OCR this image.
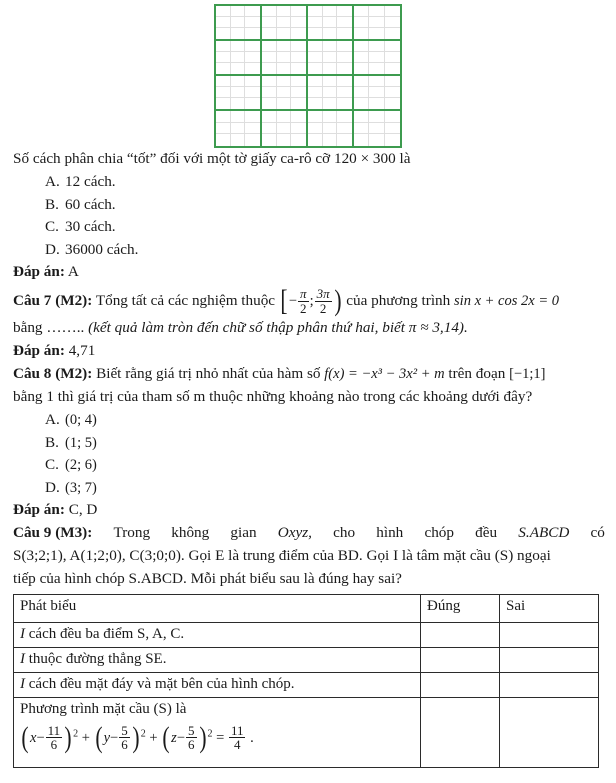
Số cách phân chia “tốt” đối với một tờ giấy ca-rô cỡ 120 × 300 là

A. 12 cách.

B. 60 cách.

C. 30 cách.

D. 36000 cách.

Đáp án: A

Câu 7 (M2): Tổng tất cả các nghiệm thuộc [− $\frac{\pi}{2}$ ; $\frac{3\pi}{2}$ ) của phương trình sin x + cos 2x = 0

bằng …….. (kết quả làm tròn đến chữ số thập phân thứ hai, biết π ≈ 3,14).

Đáp án: 4,71

Câu 8 (M2): Biết rằng giá trị nhỏ nhất của hàm số f(x) = −x³ − 3x² + m trên đoạn [−1;1]

bằng 1 thì giá trị của tham số m thuộc những khoảng nào trong các khoảng dưới đây?

A. (0; 4)

B. (1; 5)

C. (2; 6)

D. (3; 7)

Đáp án: C, D

Câu 9 (M3): Trong không gian Oxyz, cho hình chóp đều S.ABCD có

S(3;2;1), A(1;2;0), C(3;0;0). Gọi E là trung điểm của BD. Gọi I là tâm mặt cầu (S) ngoại

tiếp của hình chóp S.ABCD. Mỗi phát biểu sau là đúng hay sai?

Phát biểu	Đúng	Sai
I cách đều ba điểm S, A, C.		
I thuộc đường thẳng SE.		
I cách đều mặt đáy và mặt bên của hình chóp.		
Phương trình mặt cầu (S) là
$(x- \frac{11}{6} )^2 + (y- \frac{5}{6} )^2 + (z- \frac{5}{6} )^2 = \frac{11}{4}$ .
